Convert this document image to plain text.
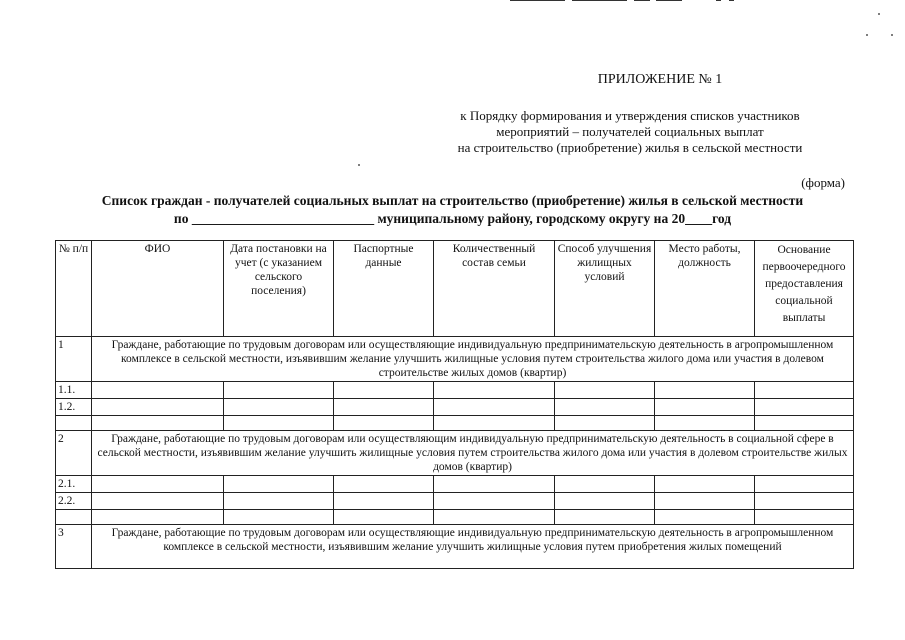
ПРИЛОЖЕНИЕ № 1
к Порядку формирования и утверждения списков участников
мероприятий – получателей социальных выплат
на строительство (приобретение) жилья в сельской местности
(форма)
Список граждан - получателей социальных выплат на строительство (приобретение) жилья в сельской местности
по ___________________________ муниципальному району, городскому округу на 20____год
№ п/п	ФИО	Дата постановки на учет (с указанием сельского поселения)	Паспортные данные	Количественный состав семьи	Способ улучшения жилищных условий	Место работы, должность	Основание первоочередного предоставления социальной выплаты
1	Граждане, работающие по трудовым договорам или осуществляющие индивидуальную предпринимательскую деятельность в агропромышленном комплексе в сельской местности, изъявившим желание улучшить жилищные условия путем строительства жилого дома или участия в долевом строительстве жилых домов (квартир)						
1.1.							
1.2.							

2	Граждане, работающие по трудовым договорам или осуществляющим индивидуальную предпринимательскую деятельность в социальной сфере в сельской местности, изъявившим желание улучшить жилищные условия путем строительства жилого дома или участия в долевом строительстве жилых домов (квартир)						
2.1.							
2.2.							

3	Граждане, работающие по трудовым договорам или осуществляющие индивидуальную предпринимательскую деятельность в агропромышленном комплексе в сельской местности, изъявившим желание улучшить жилищные условия путем приобретения жилых помещений						
